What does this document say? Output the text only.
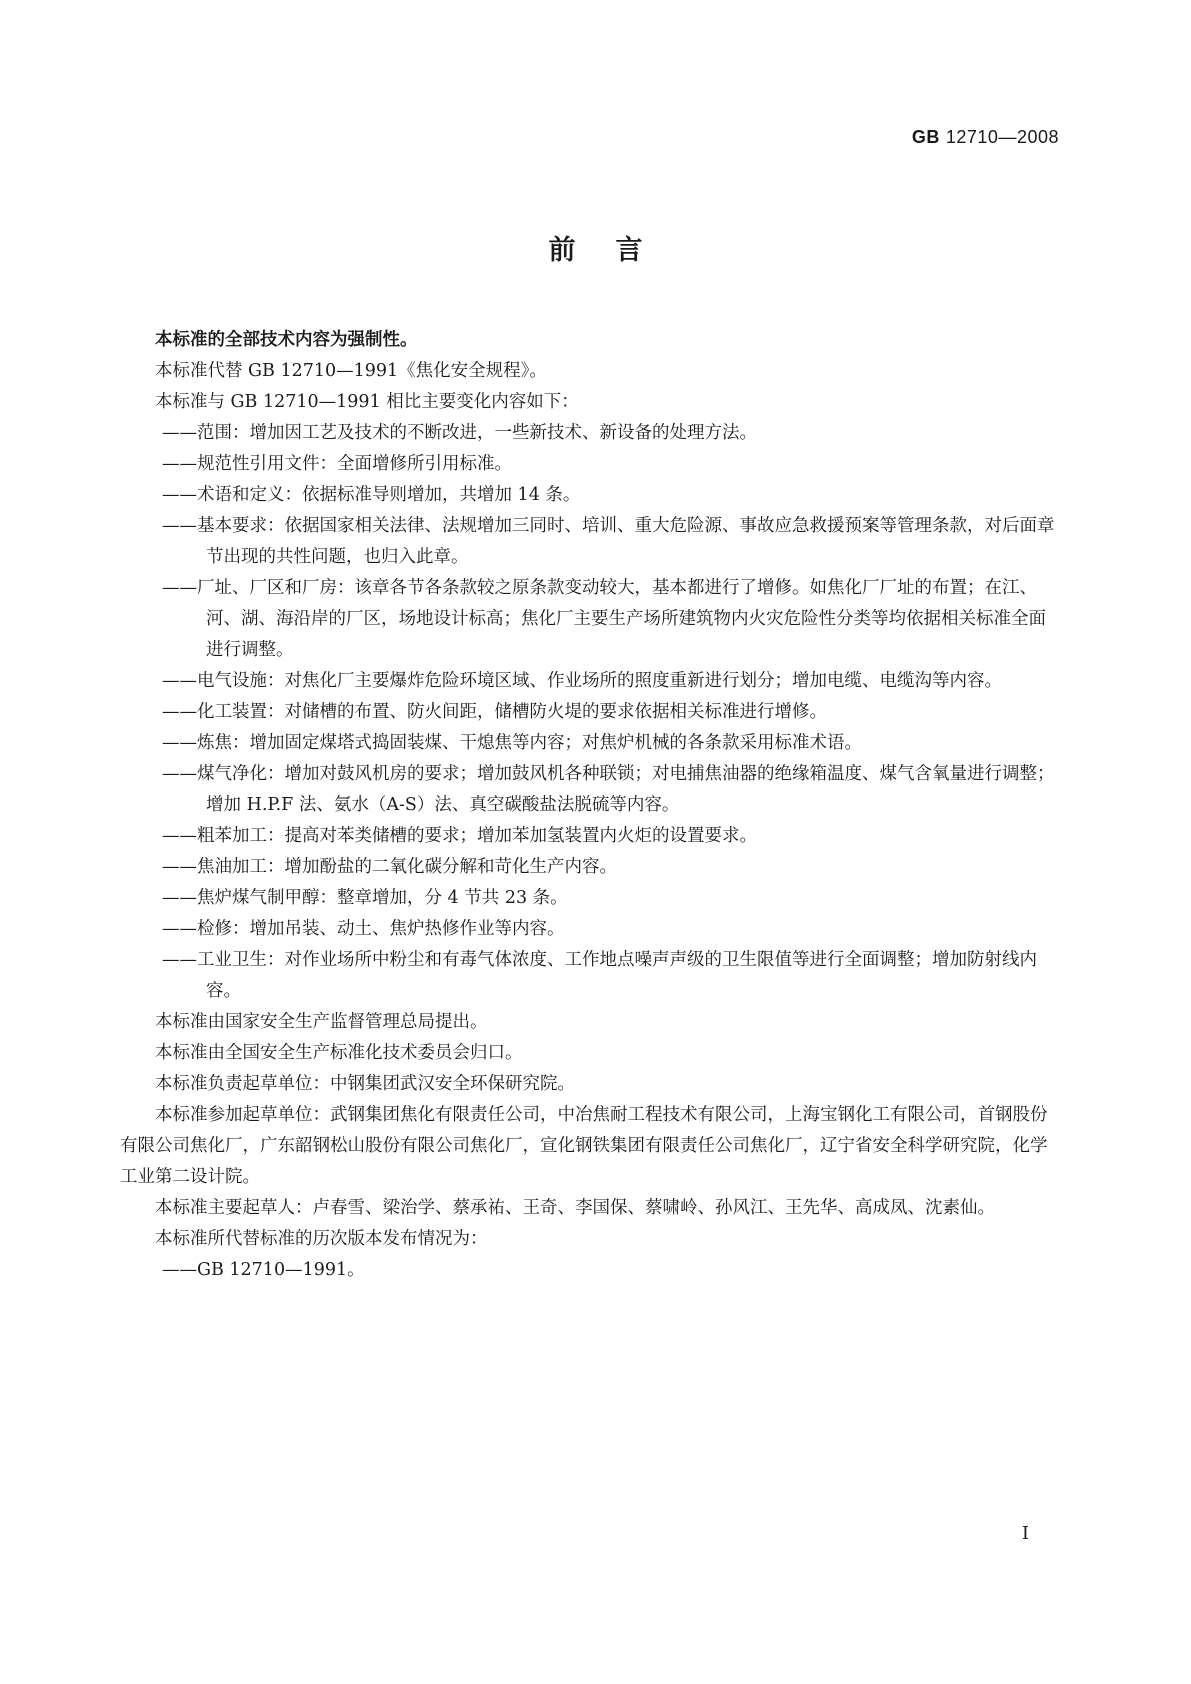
GB 12710—2008
前言

本标准的全部技术内容为强制性。

本标准代替 GB 12710—1991《焦化安全规程》。

本标准与 GB 12710—1991 相比主要变化内容如下：

——范围：增加因工艺及技术的不断改进，一些新技术、新设备的处理方法。

——规范性引用文件：全面增修所引用标准。

——术语和定义：依据标准导则增加，共增加 14 条。

——基本要求：依据国家相关法律、法规增加三同时、培训、重大危险源、事故应急救援预案等管理条款，对后面章节出现的共性问题，也归入此章。

——厂址、厂区和厂房：该章各节各条款较之原条款变动较大，基本都进行了增修。如焦化厂厂址的布置；在江、河、湖、海沿岸的厂区，场地设计标高；焦化厂主要生产场所建筑物内火灾危险性分类等均依据相关标准全面进行调整。

——电气设施：对焦化厂主要爆炸危险环境区域、作业场所的照度重新进行划分；增加电缆、电缆沟等内容。

——化工装置：对储槽的布置、防火间距，储槽防火堤的要求依据相关标准进行增修。

——炼焦：增加固定煤塔式捣固装煤、干熄焦等内容；对焦炉机械的各条款采用标准术语。

——煤气净化：增加对鼓风机房的要求；增加鼓风机各种联锁；对电捕焦油器的绝缘箱温度、煤气含氧量进行调整；增加 H.P.F 法、氨水（A-S）法、真空碳酸盐法脱硫等内容。

——粗苯加工：提高对苯类储槽的要求；增加苯加氢装置内火炬的设置要求。

——焦油加工：增加酚盐的二氧化碳分解和苛化生产内容。

——焦炉煤气制甲醇：整章增加，分 4 节共 23 条。

——检修：增加吊装、动土、焦炉热修作业等内容。

——工业卫生：对作业场所中粉尘和有毒气体浓度、工作地点噪声声级的卫生限值等进行全面调整；增加防射线内容。

本标准由国家安全生产监督管理总局提出。

本标准由全国安全生产标准化技术委员会归口。

本标准负责起草单位：中钢集团武汉安全环保研究院。

本标准参加起草单位：武钢集团焦化有限责任公司，中冶焦耐工程技术有限公司，上海宝钢化工有限公司，首钢股份有限公司焦化厂，广东韶钢松山股份有限公司焦化厂，宣化钢铁集团有限责任公司焦化厂，辽宁省安全科学研究院，化学工业第二设计院。

本标准主要起草人：卢春雪、梁治学、蔡承祐、王奇、李国保、蔡啸岭、孙风江、王先华、高成凤、沈素仙。

本标准所代替标准的历次版本发布情况为：

——GB 12710—1991。

I
